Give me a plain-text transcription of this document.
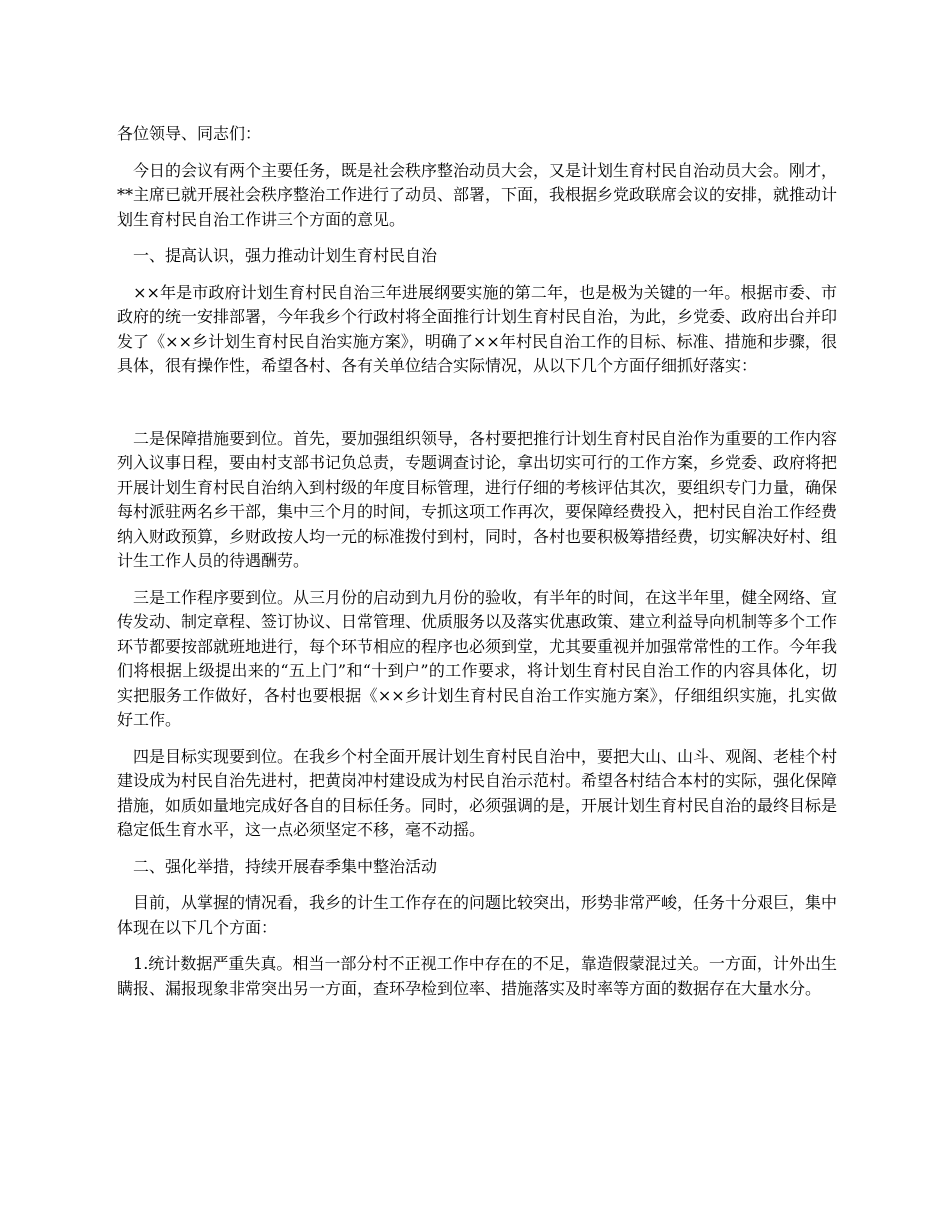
各位领导、同志们：

　今日的会议有两个主要任务，既是社会秩序整治动员大会，又是计划生育村民自治动员大会。刚才，**主席已就开展社会秩序整治工作进行了动员、部署，下面，我根据乡党政联席会议的安排，就推动计划生育村民自治工作讲三个方面的意见。

　一、提高认识，强力推动计划生育村民自治

　××年是市政府计划生育村民自治三年进展纲要实施的第二年，也是极为关键的一年。根据市委、市政府的统一安排部署，今年我乡个行政村将全面推行计划生育村民自治，为此，乡党委、政府出台并印发了《××乡计划生育村民自治实施方案》，明确了××年村民自治工作的目标、标准、措施和步骤，很具体，很有操作性，希望各村、各有关单位结合实际情况，从以下几个方面仔细抓好落实：

　二是保障措施要到位。首先，要加强组织领导，各村要把推行计划生育村民自治作为重要的工作内容列入议事日程，要由村支部书记负总责，专题调查讨论，拿出切实可行的工作方案，乡党委、政府将把开展计划生育村民自治纳入到村级的年度目标管理，进行仔细的考核评估其次，要组织专门力量，确保每村派驻两名乡干部，集中三个月的时间，专抓这项工作再次，要保障经费投入，把村民自治工作经费纳入财政预算，乡财政按人均一元的标准拨付到村，同时，各村也要积极筹措经费，切实解决好村、组计生工作人员的待遇酬劳。

　三是工作程序要到位。从三月份的启动到九月份的验收，有半年的时间，在这半年里，健全网络、宣传发动、制定章程、签订协议、日常管理、优质服务以及落实优惠政策、建立利益导向机制等多个工作环节都要按部就班地进行，每个环节相应的程序也必须到堂，尤其要重视并加强常常性的工作。今年我们将根据上级提出来的“五上门”和“十到户”的工作要求，将计划生育村民自治工作的内容具体化，切实把服务工作做好，各村也要根据《××乡计划生育村民自治工作实施方案》，仔细组织实施，扎实做好工作。

　四是目标实现要到位。在我乡个村全面开展计划生育村民自治中，要把大山、山斗、观阁、老桂个村建设成为村民自治先进村，把黄岗冲村建设成为村民自治示范村。希望各村结合本村的实际，强化保障措施，如质如量地完成好各自的目标任务。同时，必须强调的是，开展计划生育村民自治的最终目标是稳定低生育水平，这一点必须坚定不移，毫不动摇。

　二、强化举措，持续开展春季集中整治活动

　目前，从掌握的情况看，我乡的计生工作存在的问题比较突出，形势非常严峻，任务十分艰巨，集中体现在以下几个方面：

　1.统计数据严重失真。相当一部分村不正视工作中存在的不足，靠造假蒙混过关。一方面，计外出生瞒报、漏报现象非常突出另一方面，查环孕检到位率、措施落实及时率等方面的数据存在大量水分。
